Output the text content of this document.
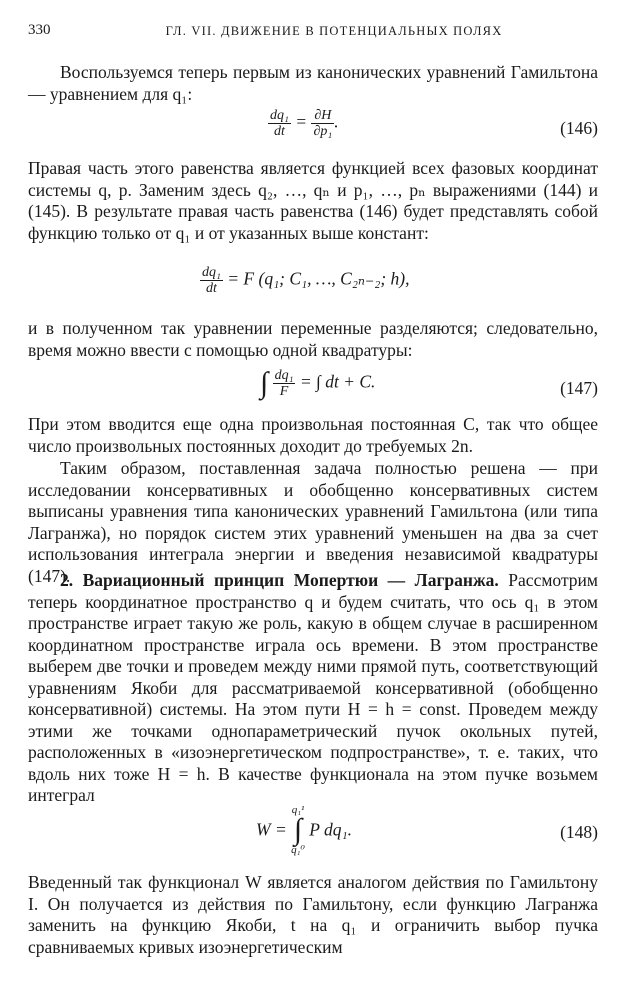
330	ГЛ. VII. ДВИЖЕНИЕ В ПОТЕНЦИАЛЬНЫХ ПОЛЯХ

Воспользуемся теперь первым из канонических уравнений Гамильтона — уравнением для q₁:

$\frac{\text{dq₁}}{dt} = \frac{\partial H}{\text{∂p₁}}$ .	(146)

Правая часть этого равенства является функцией всех фазовых координат системы q, p. Заменим здесь q₂, …, qₙ и p₁, …, pₙ выражениями (144) и (145). В результате правая часть равенства (146) будет представлять собой функцию только от q₁ и от указанных выше констант:

$\frac{\text{dq₁}}{dt} = F$ (q₁; C₁, …, C₂ₙ₋₂; h),

и в полученном так уравнении переменные разделяются; следовательно, время можно ввести с помощью одной квадратуры:

∫ $\frac{\text{dq₁}}{F}$ = ∫ dt + C.	(147)

При этом вводится еще одна произвольная постоянная C, так что общее число произвольных постоянных доходит до требуемых 2n.

Таким образом, поставленная задача полностью решена — при исследовании консервативных и обобщенно консервативных систем выписаны уравнения типа канонических уравнений Гамильтона (или типа Лагранжа), но порядок систем этих уравнений уменьшен на два за счет использования интеграла энергии и введения независимой квадратуры (147).

2. Вариационный принцип Мопертюи — Лагранжа. Рассмотрим теперь координатное пространство q и будем считать, что ось q₁ в этом пространстве играет такую же роль, какую в общем случае в расширенном координатном пространстве играла ось времени. В этом пространстве выберем две точки и проведем между ними прямой путь, соответствующий уравнениям Якоби для рассматриваемой консервативной (обобщенно консервативной) системы. На этом пути H = h = const. Проведем между этими же точками однопараметрический пучок окольных путей, расположенных в «изоэнергетическом подпространстве», т. е. таких, что вдоль них тоже H = h. В качестве функционала на этом пучке возьмем интеграл

W = q₁¹
∫
q₁⁰ P dq₁.	(148)

Введенный так функционал W является аналогом действия по Гамильтону I. Он получается из действия по Гамильтону, если функцию Лагранжа заменить на функцию Якоби, t на q₁ и ограничить выбор пучка сравниваемых кривых изоэнергетическим
